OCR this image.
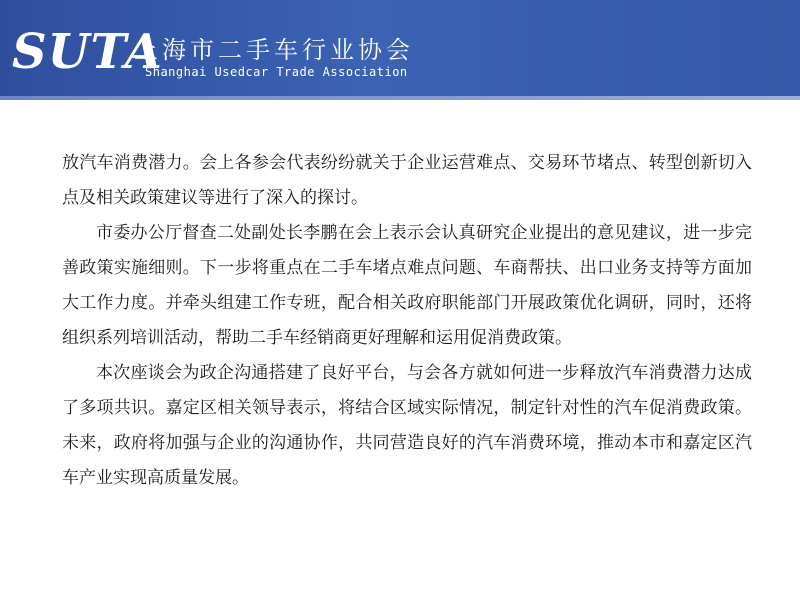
SUTA
上海市二手车行业协会
Shanghai Usedcar Trade Association

放汽车消费潜力。会上各参会代表纷纷就关于企业运营难点、交易环节堵点、转型创新切入点及相关政策建议等进行了深入的探讨。

市委办公厅督查二处副处长李鹏在会上表示会认真研究企业提出的意见建议，进一步完善政策实施细则。下一步将重点在二手车堵点难点问题、车商帮扶、出口业务支持等方面加大工作力度。并牵头组建工作专班，配合相关政府职能部门开展政策优化调研，同时，还将组织系列培训活动，帮助二手车经销商更好理解和运用促消费政策。

本次座谈会为政企沟通搭建了良好平台，与会各方就如何进一步释放汽车消费潜力达成了多项共识。嘉定区相关领导表示，将结合区域实际情况，制定针对性的汽车促消费政策。未来，政府将加强与企业的沟通协作，共同营造良好的汽车消费环境，推动本市和嘉定区汽车产业实现高质量发展。
